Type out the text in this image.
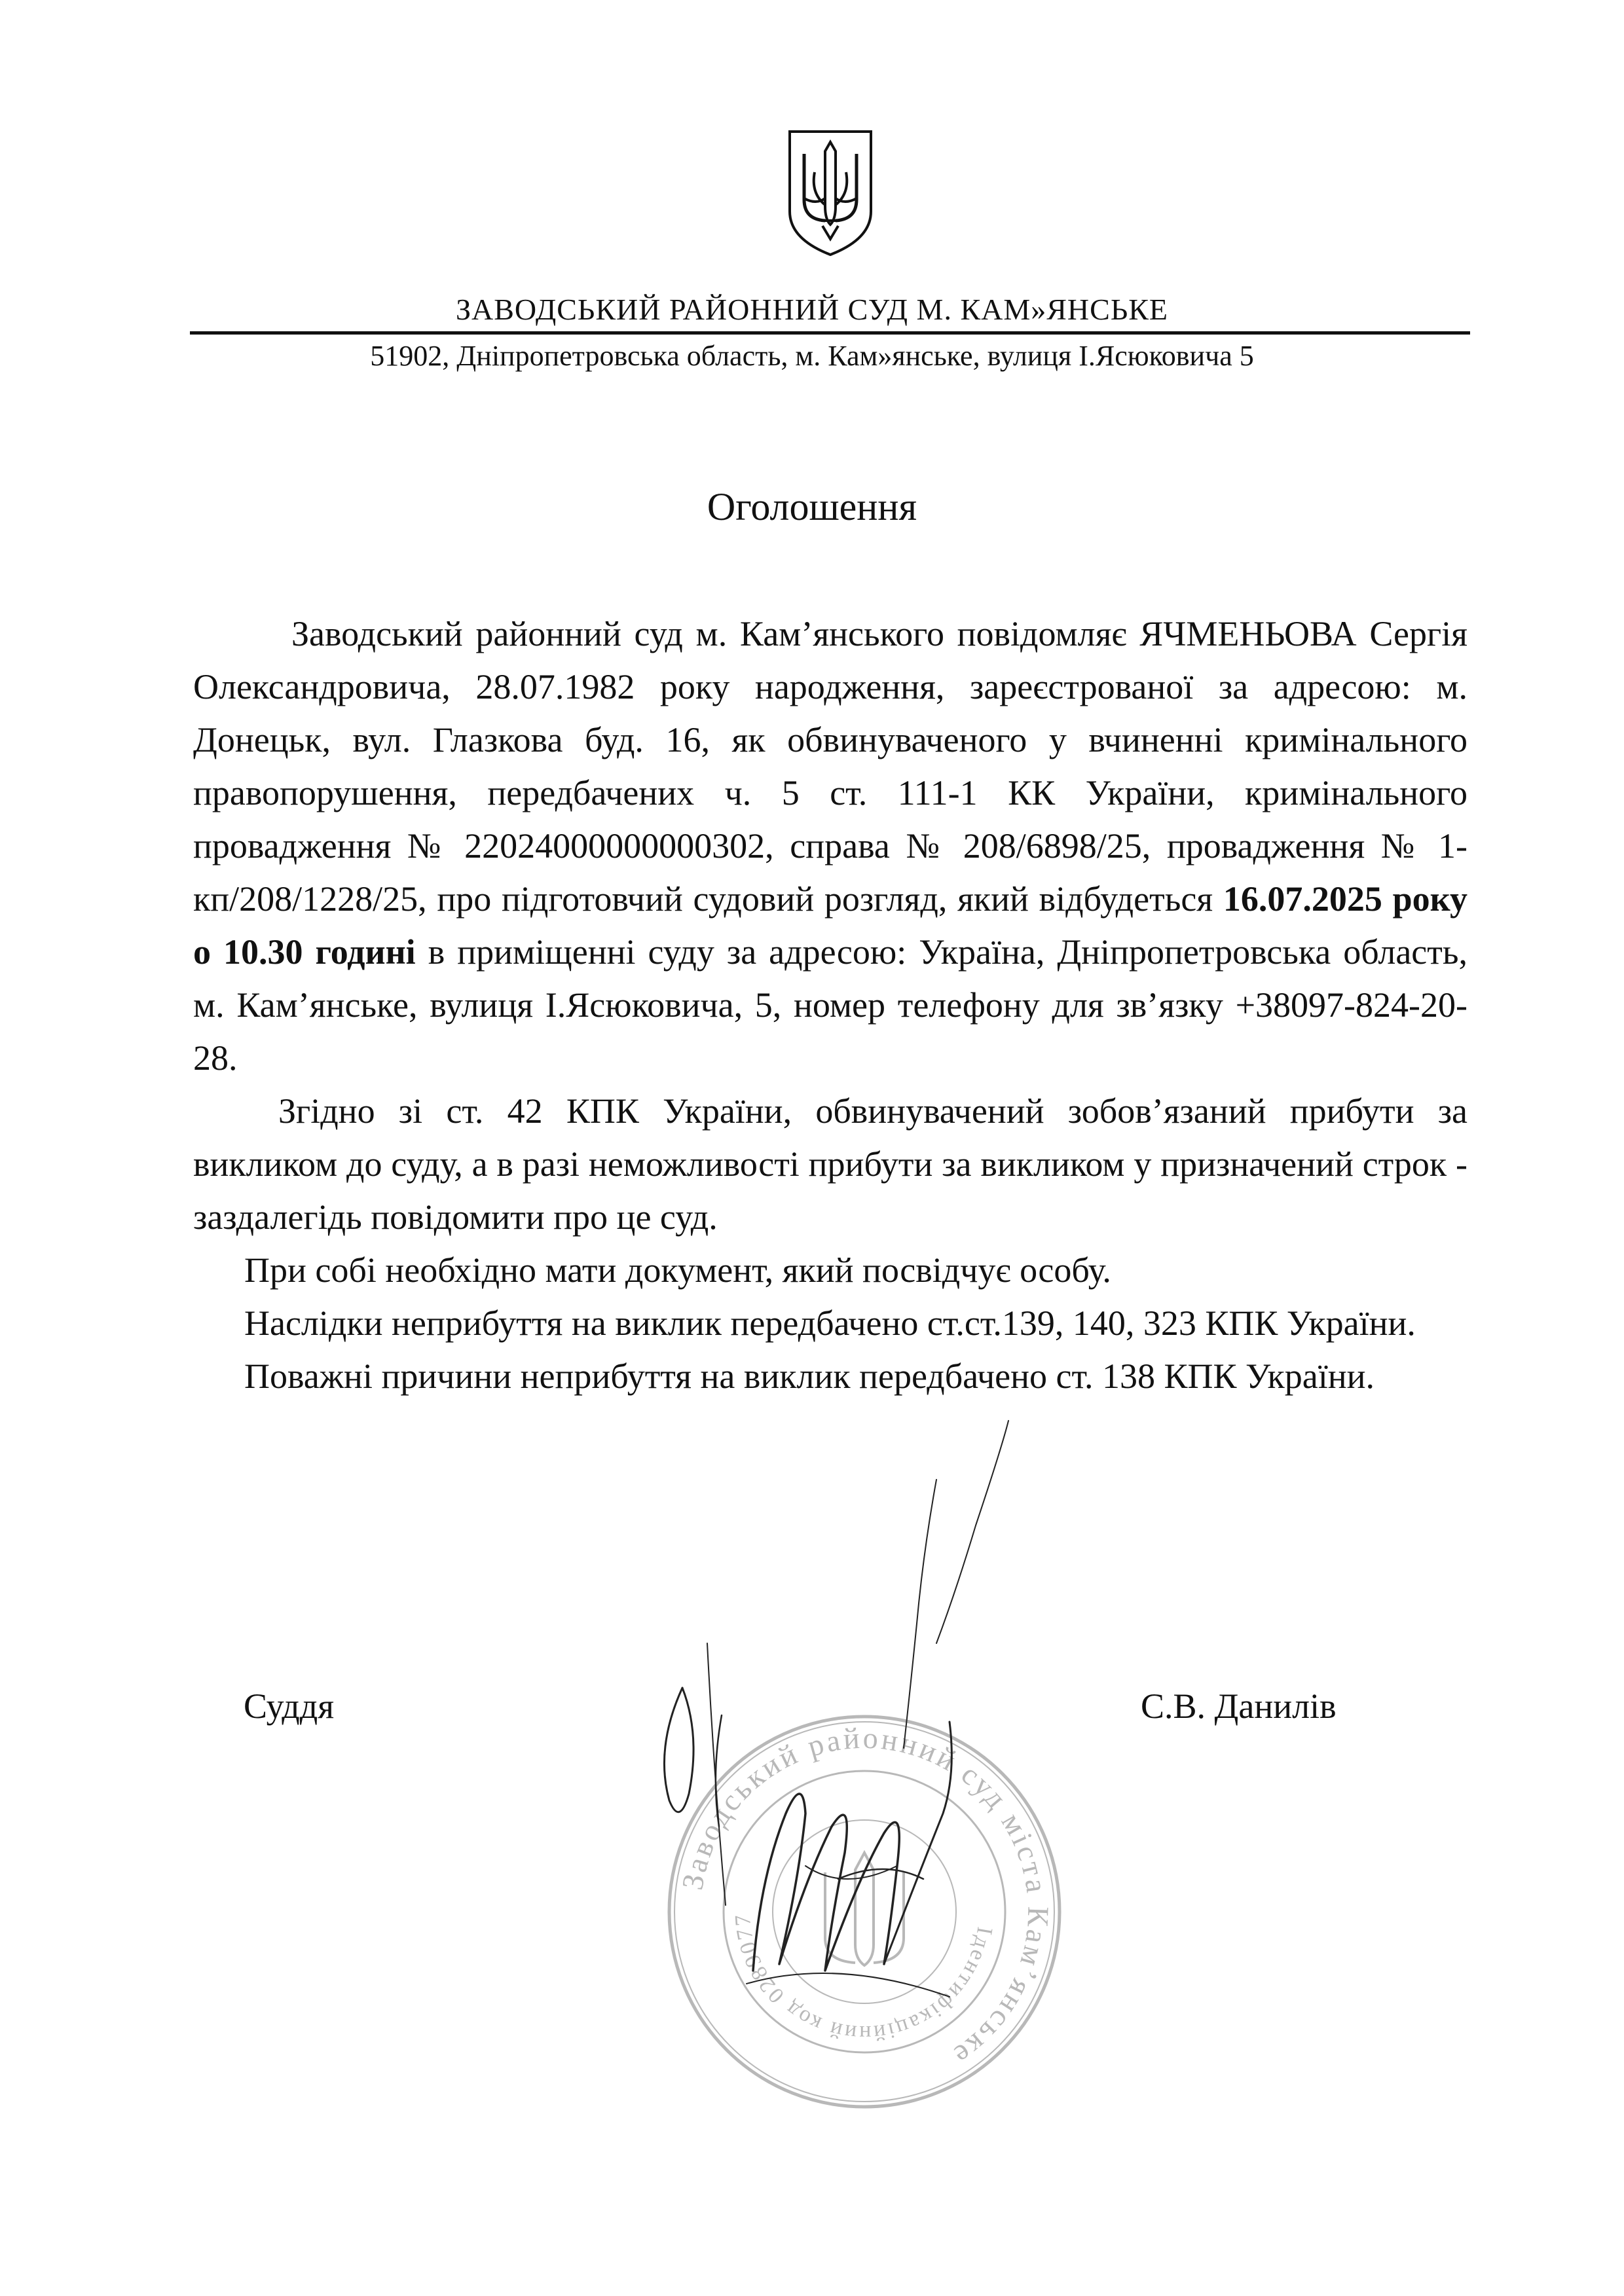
ЗАВОДСЬКИЙ РАЙОННИЙ СУД М. КАМ»ЯНСЬКЕ
51902, Дніпропетровська область, м. Кам»янське, вулиця І.Ясюковича 5
Оголошення

Заводський районний суд м. Кам’янського повідомляє ЯЧМЕНЬОВА Сергія Олександровича, 28.07.1982 року народження, зареєстрованої за адресою: м. Донецьк, вул. Глазкова буд. 16, як обвинуваченого у вчиненні кримінального правопорушення, передбачених ч. 5 ст. 111-1 КК України, кримінального провадження № 22024000000000302, справа № 208/6898/25, провадження № 1-кп/208/1228/25, про підготовчий судовий розгляд, який відбудеться 16.07.2025 року о 10.30 годині в приміщенні суду за адресою: Україна, Дніпропетровська область, м. Кам’янське, вулиця І.Ясюковича, 5, номер телефону для зв’язку +38097-824-20-28.

Згідно зі ст. 42 КПК України, обвинувачений зобов’язаний прибути за викликом до суду, а в разі неможливості прибути за викликом у призначений строк - заздалегідь повідомити про це суд.

При собі необхідно мати документ, який посвідчує особу.

Наслідки неприбуття на виклик передбачено ст.ст.139, 140, 323 КПК України.

Поважні причини неприбуття на виклик передбачено ст. 138 КПК України.

Заводський районний суд міста Кам’янське
Ідентифікаційний код 0289077
Суддя	С.В. Данилів
